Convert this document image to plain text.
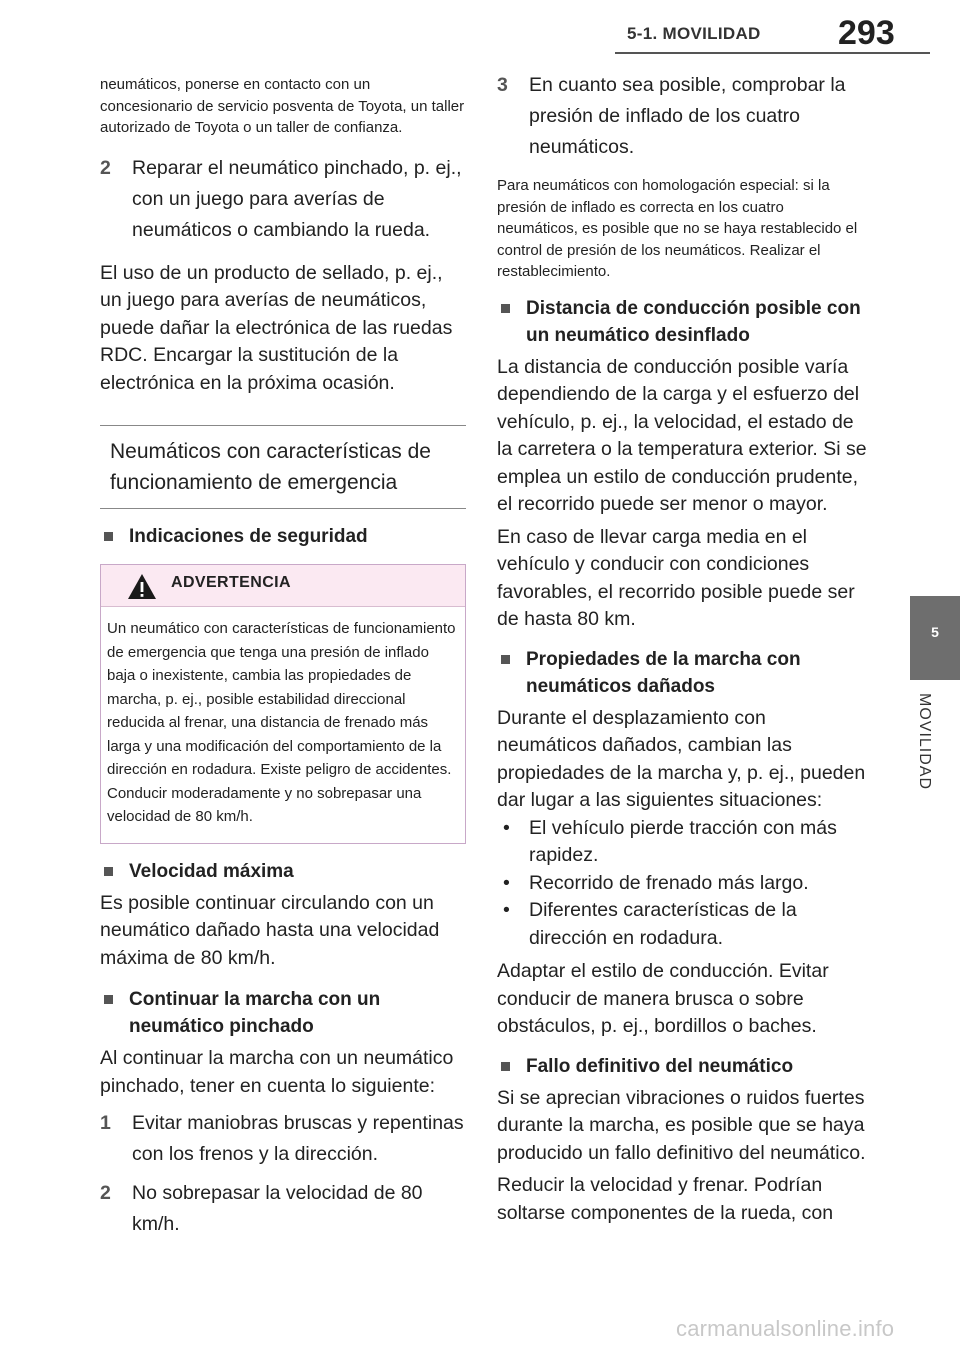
5-1. MOVILIDAD 293
5
MOVILIDAD

neumáticos, ponerse en contacto con un concesionario de servicio posventa de Toyota, un taller autorizado de Toyota o un taller de confianza.

2	Reparar el neumático pinchado, p. ej., con un juego para averías de neumáticos o cambiando la rueda.

El uso de un producto de sellado, p. ej., un juego para averías de neumáticos, puede dañar la electrónica de las ruedas RDC. Encargar la sustitución de la electrónica en la próxima ocasión.

Neumáticos con características de funcionamiento de emergencia
Indicaciones de seguridad
ADVERTENCIA
Un neumático con características de funcionamiento de emergencia que tenga una presión de inflado baja o inexistente, cambia las propiedades de marcha, p. ej., posible estabilidad direccional reducida al frenar, una distancia de frenado más larga y una modificación del comportamiento de la dirección en rodadura. Existe peligro de accidentes. Conducir moderadamente y no sobrepasar una velocidad de 80 km/h.
Velocidad máxima

Es posible continuar circulando con un neumático dañado hasta una velocidad máxima de 80 km/h.

Continuar la marcha con un neumático pinchado

Al continuar la marcha con un neumático pinchado, tener en cuenta lo siguiente:

1	Evitar maniobras bruscas y repentinas con los frenos y la dirección.
2	No sobrepasar la velocidad de 80 km/h.
3	En cuanto sea posible, comprobar la presión de inflado de los cuatro neumáticos.

Para neumáticos con homologación especial: si la presión de inflado es correcta en los cuatro neumáticos, es posible que no se haya restablecido el control de presión de los neumáticos. Realizar el restablecimiento.

Distancia de conducción posible con un neumático desinflado

La distancia de conducción posible varía dependiendo de la carga y el esfuerzo del vehículo, p. ej., la velocidad, el estado de la carretera o la temperatura exterior. Si se emplea un estilo de conducción prudente, el recorrido puede ser menor o mayor.

En caso de llevar carga media en el vehículo y conducir con condiciones favorables, el recorrido posible puede ser de hasta 80 km.

Propiedades de la marcha con neumáticos dañados

Durante el desplazamiento con neumáticos dañados, cambian las propiedades de la marcha y, p. ej., pueden dar lugar a las siguientes situaciones:

• El vehículo pierde tracción con más rapidez.
• Recorrido de frenado más largo.
• Diferentes características de la dirección en rodadura.

Adaptar el estilo de conducción. Evitar conducir de manera brusca o sobre obstáculos, p. ej., bordillos o baches.

Fallo definitivo del neumático

Si se aprecian vibraciones o ruidos fuertes durante la marcha, es posible que se haya producido un fallo definitivo del neumático.

Reducir la velocidad y frenar. Podrían soltarse componentes de la rueda, con

carmanualsonline.info
